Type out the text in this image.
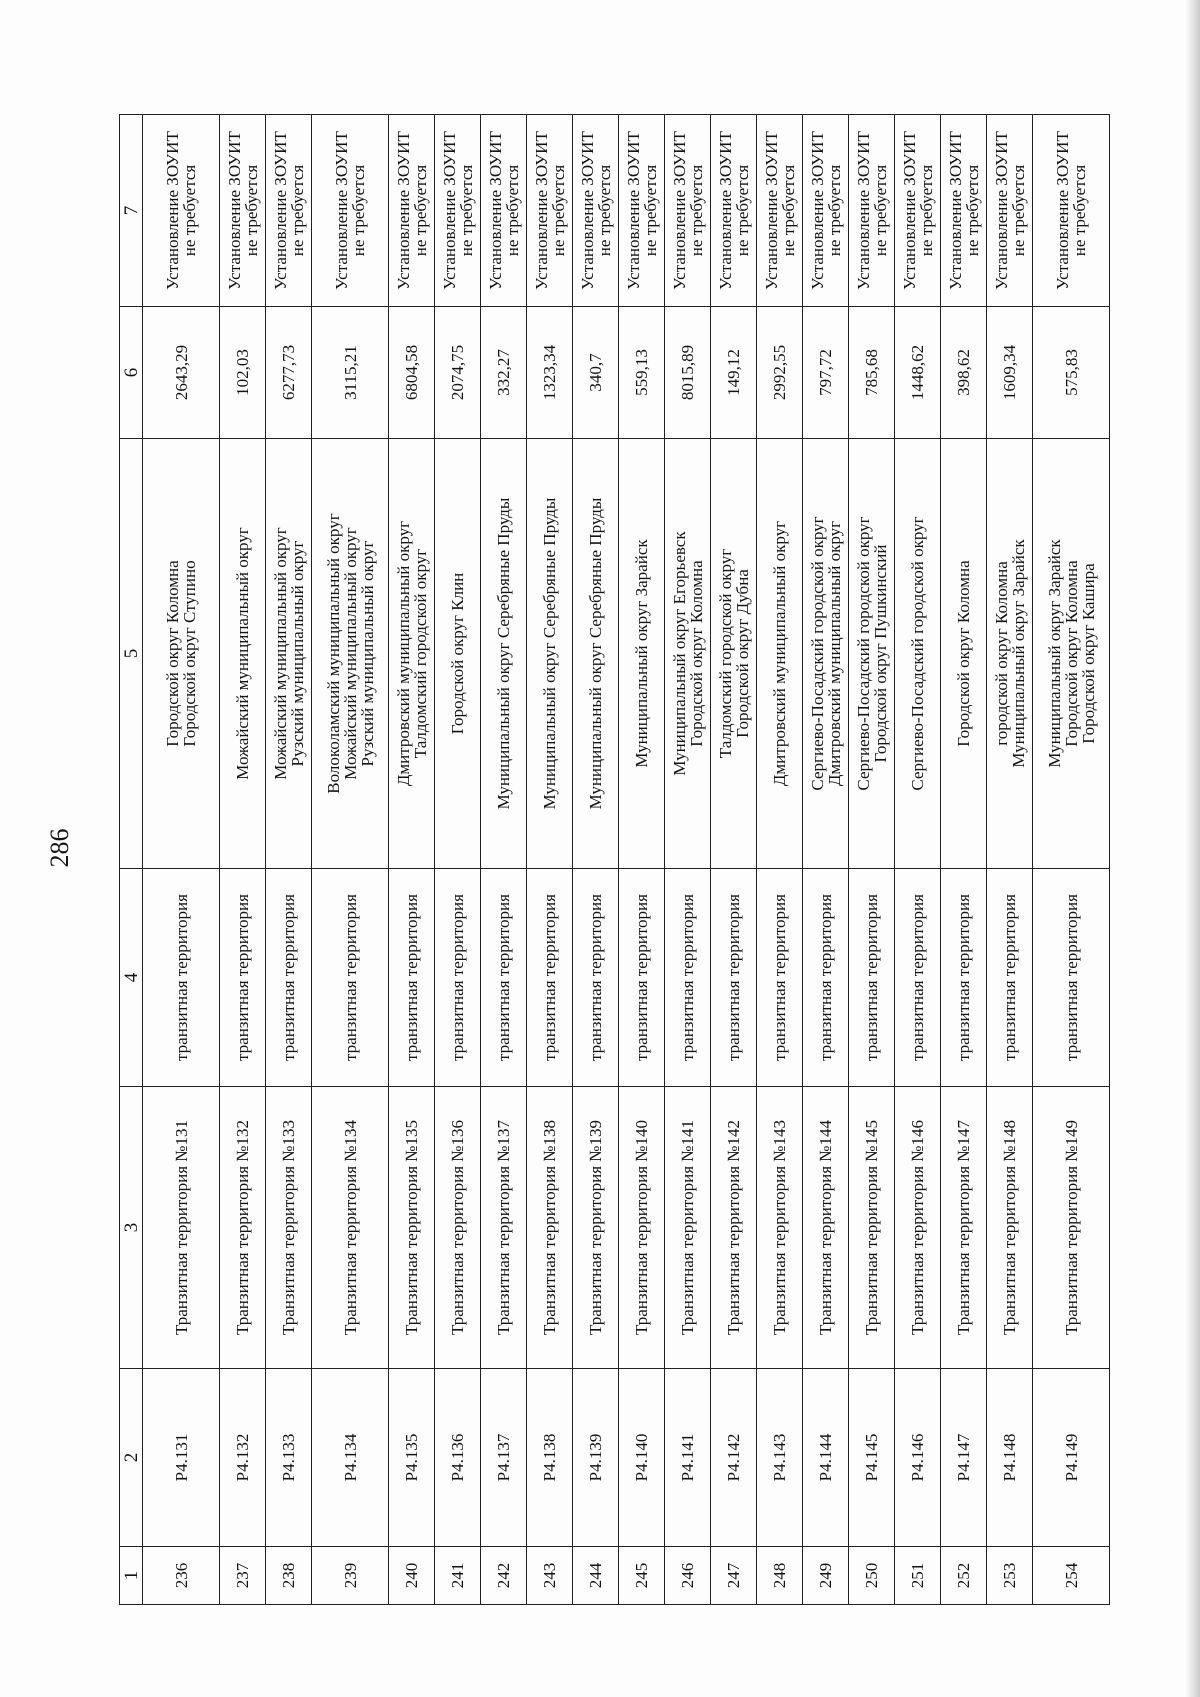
286
1	2	3	4	5	6	7
236	Р4.131	Транзитная территория №131	транзитная территория	Городской округ Коломна
Городской округ Ступино	2643,29	Установление ЗОУИТ
не требуется

237	Р4.132	Транзитная территория №132	транзитная территория	Можайский муниципальный округ	102,03	Установление ЗОУИТ
не требуется

238	Р4.133	Транзитная территория №133	транзитная территория	Можайский муниципальный округ
Рузский муниципальный округ	6277,73	Установление ЗОУИТ
не требуется

239	Р4.134	Транзитная территория №134	транзитная территория	Волоколамский муниципальный округ
Можайский муниципальный округ
Рузский муниципальный округ	3115,21	Установление ЗОУИТ
не требуется

240	Р4.135	Транзитная территория №135	транзитная территория	Дмитровский муниципальный округ
Талдомский городской округ	6804,58	Установление ЗОУИТ
не требуется

241	Р4.136	Транзитная территория №136	транзитная территория	Городской округ Клин	2074,75	Установление ЗОУИТ
не требуется

242	Р4.137	Транзитная территория №137	транзитная территория	Муниципальный округ Серебряные Пруды	332,27	Установление ЗОУИТ
не требуется

243	Р4.138	Транзитная территория №138	транзитная территория	Муниципальный округ Серебряные Пруды	1323,34	Установление ЗОУИТ
не требуется

244	Р4.139	Транзитная территория №139	транзитная территория	Муниципальный округ Серебряные Пруды	340,7	Установление ЗОУИТ
не требуется

245	Р4.140	Транзитная территория №140	транзитная территория	Муниципальный округ Зарайск	559,13	Установление ЗОУИТ
не требуется

246	Р4.141	Транзитная территория №141	транзитная территория	Муниципальный округ Егорьевск
Городской округ Коломна	8015,89	Установление ЗОУИТ
не требуется

247	Р4.142	Транзитная территория №142	транзитная территория	Талдомский городской округ
Городской округ Дубна	149,12	Установление ЗОУИТ
не требуется

248	Р4.143	Транзитная территория №143	транзитная территория	Дмитровский муниципальный округ	2992,55	Установление ЗОУИТ
не требуется

249	Р4.144	Транзитная территория №144	транзитная территория	Сергиево-Посадский городской округ
Дмитровский муниципальный округ	797,72	Установление ЗОУИТ
не требуется

250	Р4.145	Транзитная территория №145	транзитная территория	Сергиево-Посадский городской округ
Городской округ Пушкинский	785,68	Установление ЗОУИТ
не требуется

251	Р4.146	Транзитная территория №146	транзитная территория	Сергиево-Посадский городской округ	1448,62	Установление ЗОУИТ
не требуется

252	Р4.147	Транзитная территория №147	транзитная территория	Городской округ Коломна	398,62	Установление ЗОУИТ
не требуется

253	Р4.148	Транзитная территория №148	транзитная территория	городской округ Коломна
Муниципальный округ Зарайск	1609,34	Установление ЗОУИТ
не требуется

254	Р4.149	Транзитная территория №149	транзитная территория	Муниципальный округ Зарайск
Городской округ Коломна
Городской округ Кашира	575,83	Установление ЗОУИТ
не требуется
